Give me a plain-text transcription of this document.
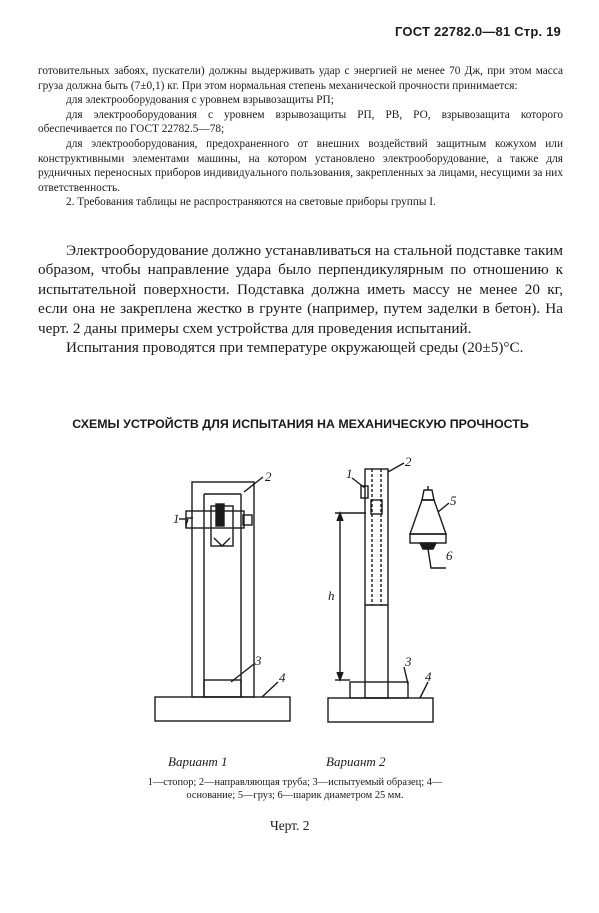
ГОСТ 22782.0—81 Стр. 19

готовительных забоях, пускатели) должны выдерживать удар с энергией не менее 70 Дж, при этом масса груза должна быть (7±0,1) кг. При этом нормальная степень механической прочности принимается:

для электрооборудования с уровнем взрывозащиты РП;

для электрооборудования с уровнем взрывозащиты РП, РВ, РО, взрывозащита которого обеспечивается по ГОСТ 22782.5—78;

для электрооборудования, предохраненного от внешних воздействий защитным кожухом или конструктивными элементами машины, на котором установлено электрооборудование, а также для рудничных переносных приборов индивидуального пользования, закрепленных за лицами, несущими за них ответственность.

2. Требования таблицы не распространяются на световые приборы группы I.

Электрооборудование должно устанавливаться на стальной подставке таким образом, чтобы направление удара было перпендикулярным по отношению к испытательной поверхности. Подставка должна иметь массу не менее 20 кг, если она не закреплена жестко в грунте (например, путем заделки в бетон). На черт. 2 даны примеры схем устройства для проведения испытаний.

Испытания проводятся при температуре окружающей среды (20±5)°С.

СХЕМЫ УСТРОЙСТВ ДЛЯ ИСПЫТАНИЯ НА МЕХАНИЧЕСКУЮ ПРОЧНОСТЬ
1
2
3
4
1
2
3
4
5
6
h
Вариант 1	Вариант 2
1—стопор; 2—направляющая труба; 3—испытуемый образец; 4—основание; 5—груз; 6—шарик диаметром 25 мм.
Черт. 2
